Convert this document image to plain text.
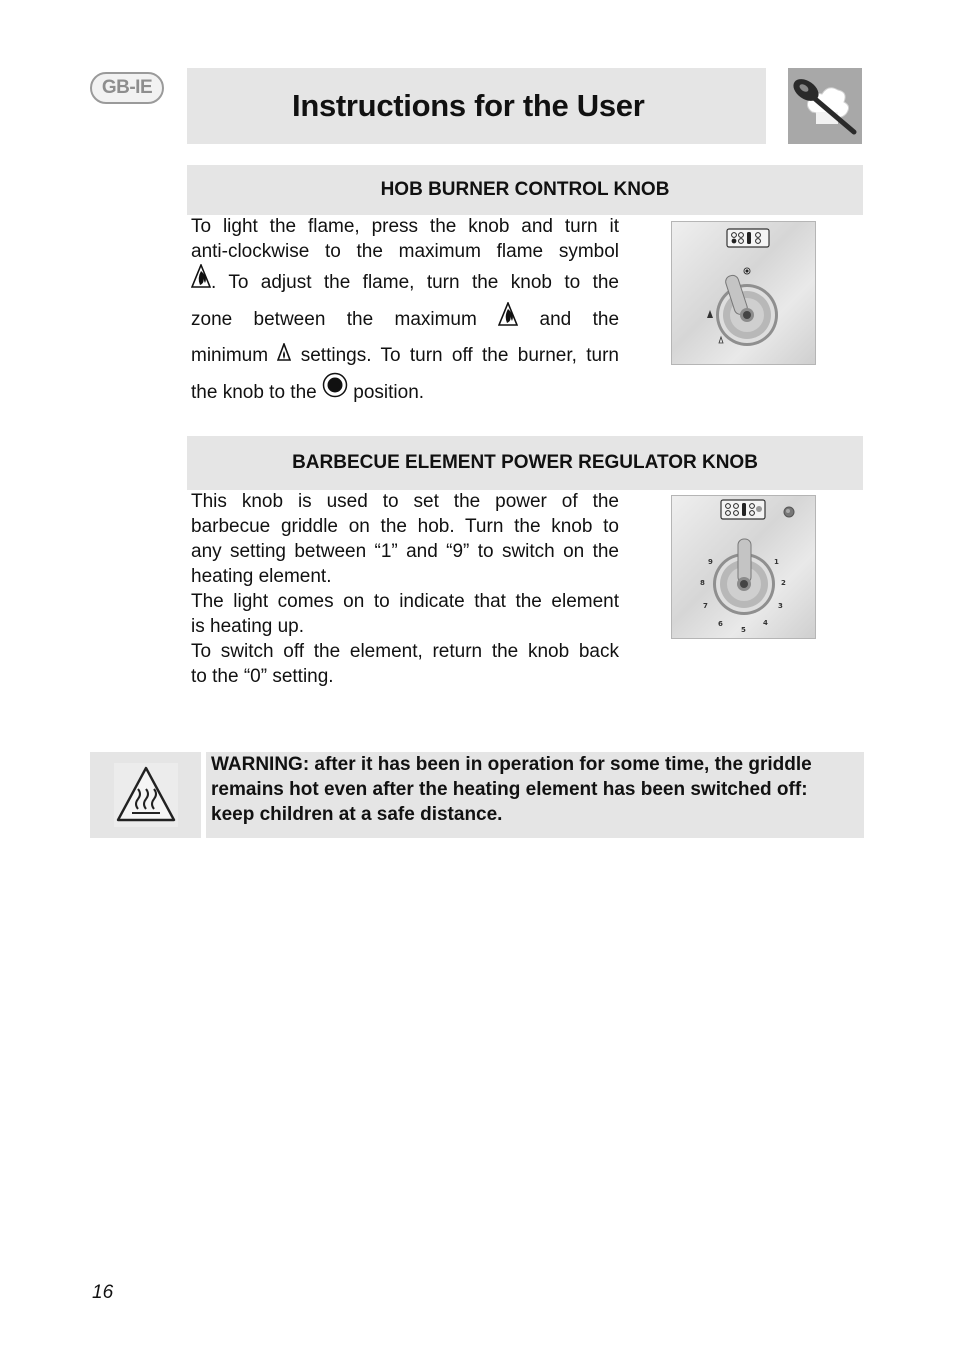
GB-IE
Instructions for the User
HOB BURNER CONTROL KNOB
To light the flame, press the knob and turn it
anti-clockwise to the maximum flame symbol
. To adjust the flame, turn the knob to the
zone between the maximum	and the
minimum settings. To turn off the burner, turn
the knob to the position.
BARBECUE ELEMENT POWER REGULATOR KNOB

This knob is used to set the power of the
barbecue griddle on the hob. Turn the knob to
any setting between “1” and “9” to switch on the
heating element.

The light comes on to indicate that the element
is heating up.

To switch off the element, return the knob back
to the “0” setting.

1
2
3
4
5
6
7
8
9
WARNING: after it has been in operation for some time, the griddle
remains hot even after the heating element has been switched off:
keep children at a safe distance.
16
